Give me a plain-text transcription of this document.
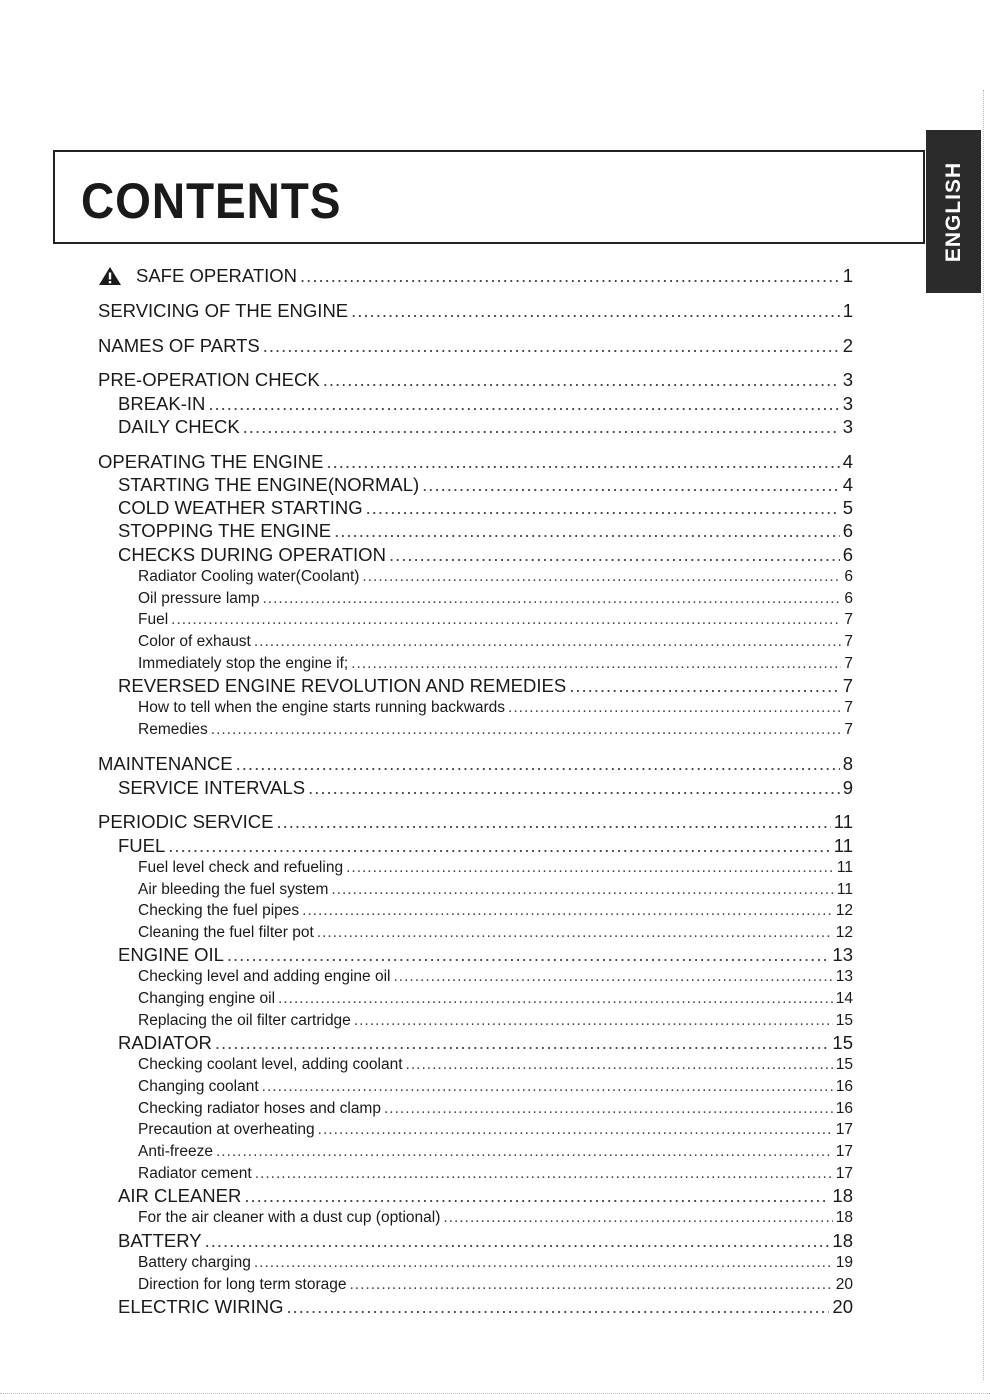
CONTENTS	ENGLISH
SAFE OPERATION .....	1
SERVICING OF THE ENGINE .....	1
NAMES OF PARTS .....	2
PRE-OPERATION CHECK .....	3
BREAK-IN .....	3
DAILY CHECK .....	3
OPERATING THE ENGINE .....	4
STARTING THE ENGINE(NORMAL) .....	4
COLD WEATHER STARTING .....	5
STOPPING THE ENGINE .....	6
CHECKS DURING OPERATION .....	6
Radiator Cooling water(Coolant) .....	6
Oil pressure lamp .....	6
Fuel .....	7
Color of exhaust .....	7
Immediately stop the engine if; .....	7
REVERSED ENGINE REVOLUTION AND REMEDIES .....	7
How to tell when the engine starts running backwards .....	7
Remedies .....	7
MAINTENANCE .....	8
SERVICE INTERVALS .....	9
PERIODIC SERVICE .....	11
FUEL .....	11
Fuel level check and refueling .....	11
Air bleeding the fuel system .....	11
Checking the fuel pipes .....	12
Cleaning the fuel filter pot .....	12
ENGINE OIL .....	13
Checking level and adding engine oil .....	13
Changing engine oil .....	14
Replacing the oil filter cartridge .....	15
RADIATOR .....	15
Checking coolant level, adding coolant .....	15
Changing coolant .....	16
Checking radiator hoses and clamp .....	16
Precaution at overheating .....	17
Anti-freeze .....	17
Radiator cement .....	17
AIR CLEANER .....	18
For the air cleaner with a dust cup (optional) .....	18
BATTERY .....	18
Battery charging .....	19
Direction for long term storage .....	20
ELECTRIC WIRING .....	20
